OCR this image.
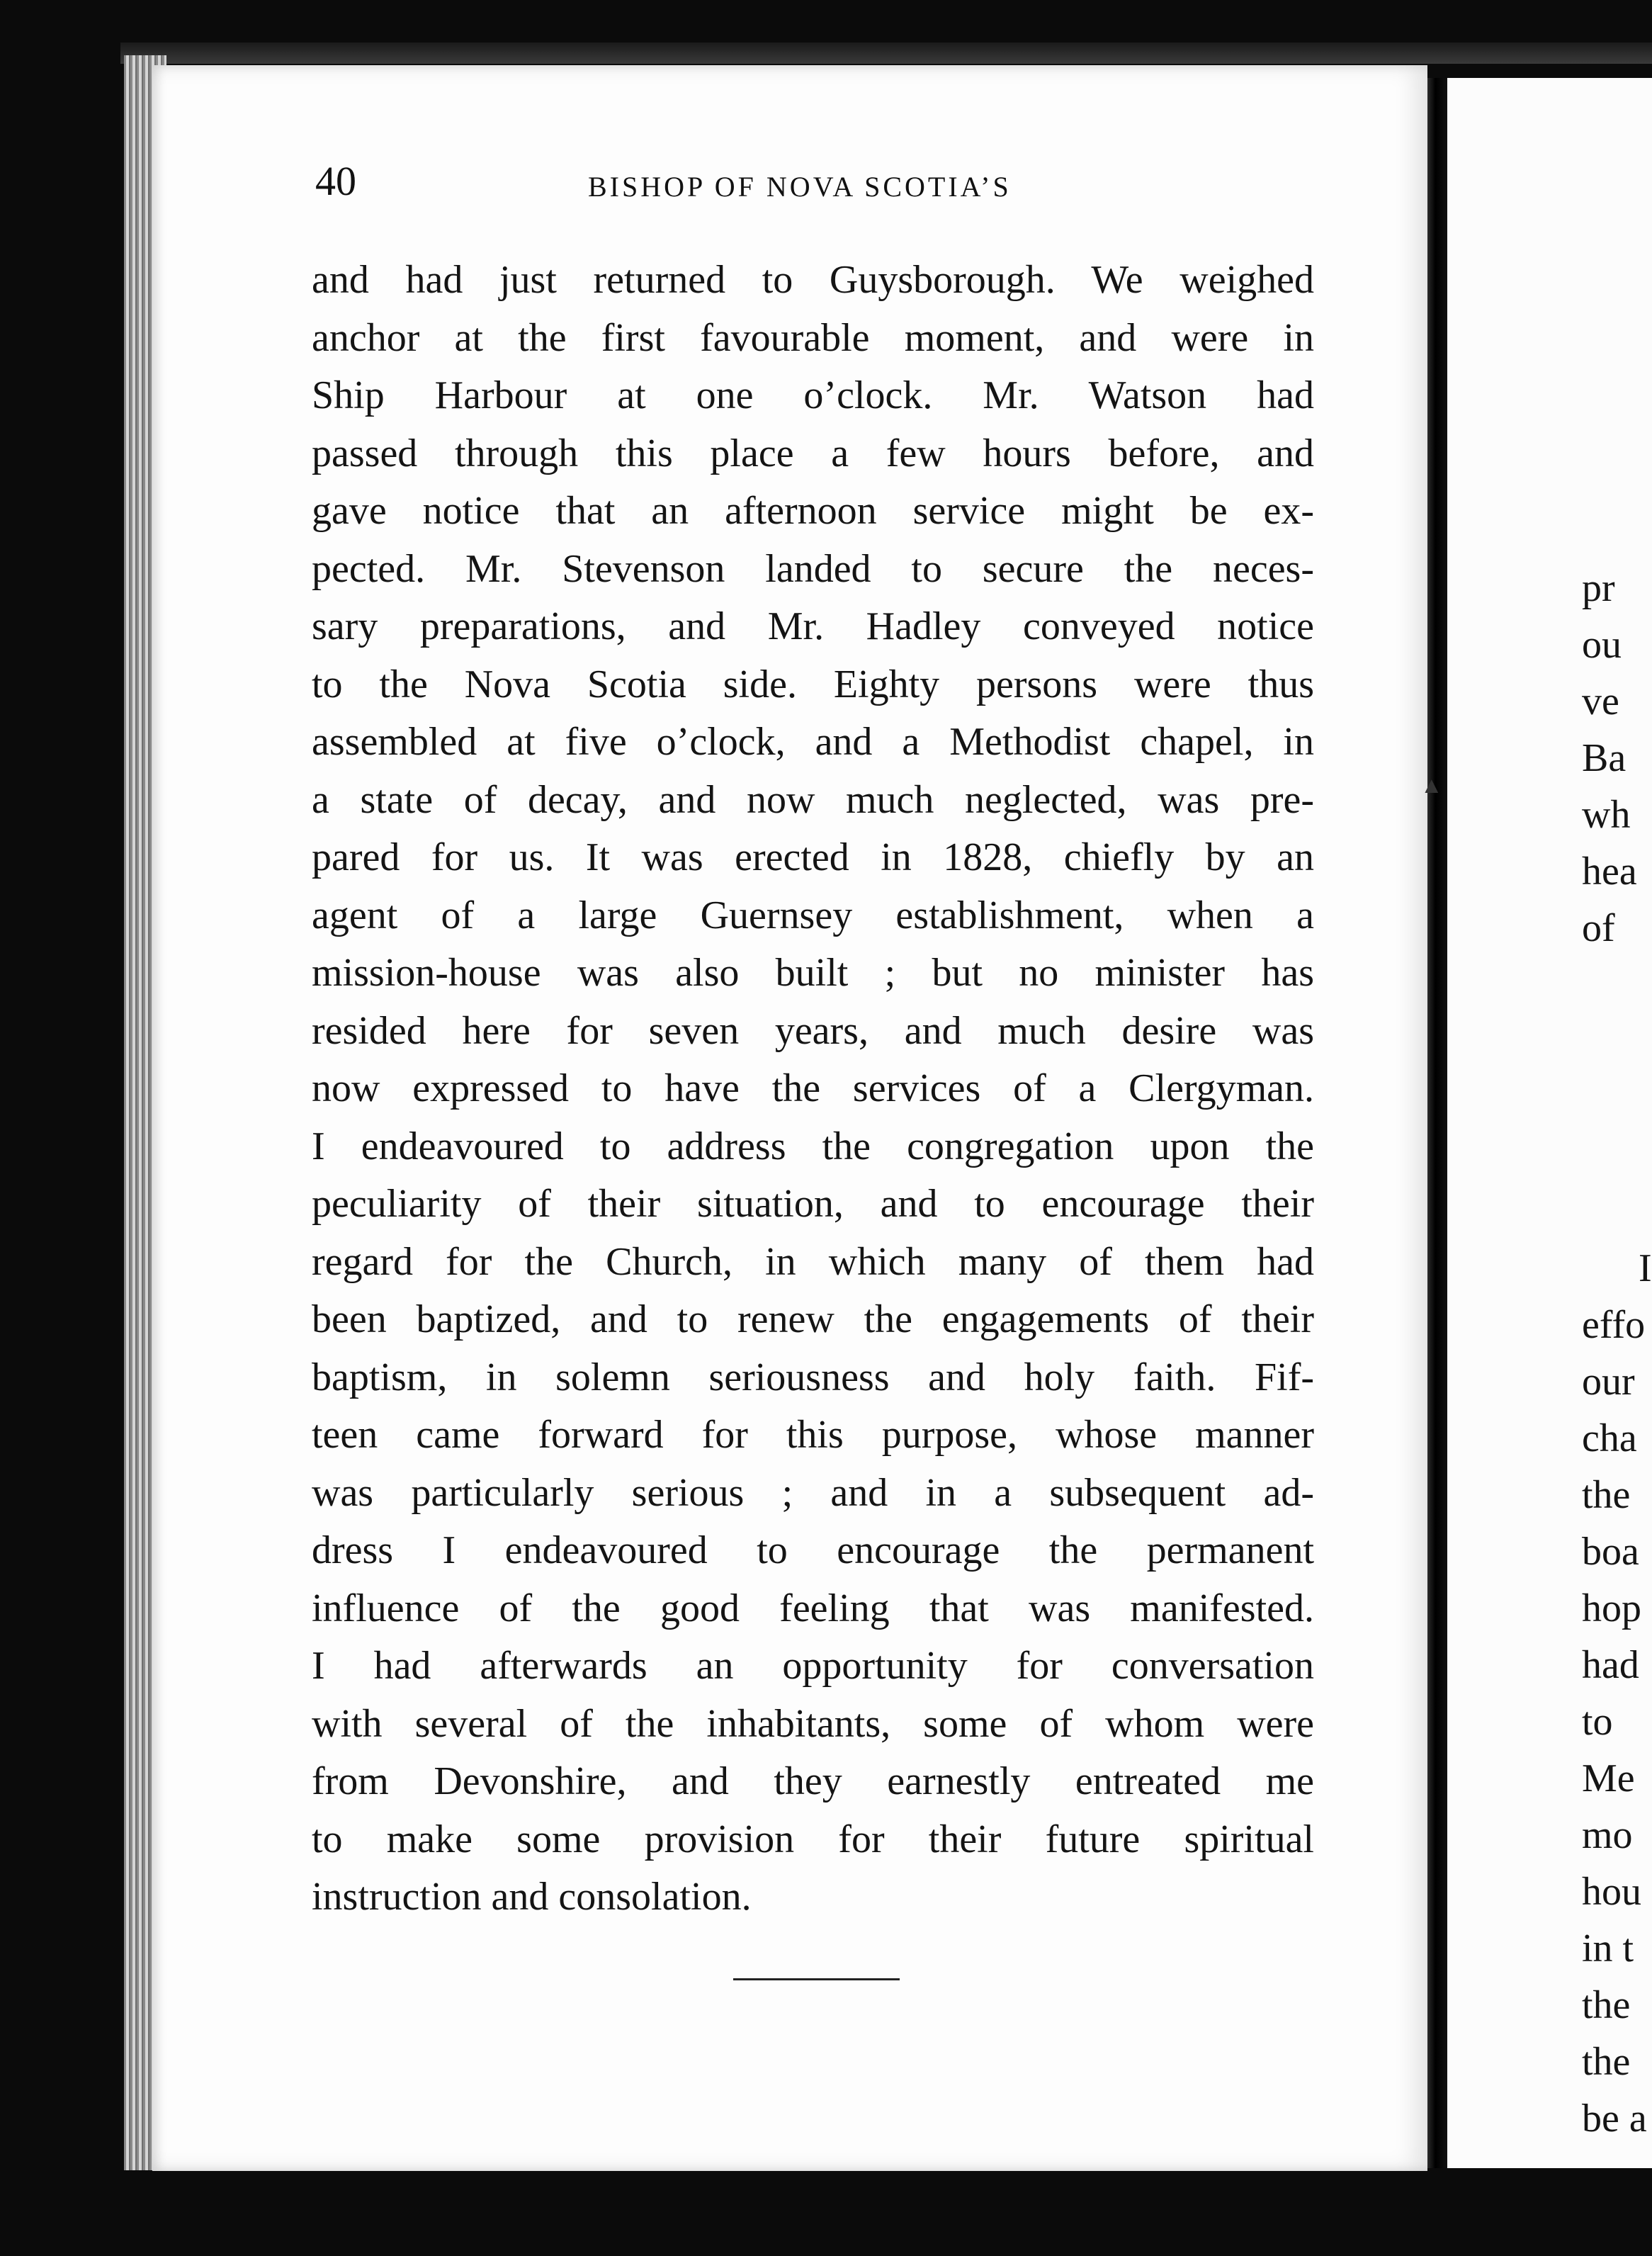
40	BISHOP OF NOVA SCOTIA’S
and had just returned to Guysborough. We weighed
anchor at the first favourable moment, and were in
Ship Harbour at one o’clock. Mr. Watson had
passed through this place a few hours before, and
gave notice that an afternoon service might be ex-
pected. Mr. Stevenson landed to secure the neces-
sary preparations, and Mr. Hadley conveyed notice
to the Nova Scotia side. Eighty persons were thus
assembled at five o’clock, and a Methodist chapel, in
a state of decay, and now much neglected, was pre-
pared for us. It was erected in 1828, chiefly by an
agent of a large Guernsey establishment, when a
mission-house was also built ; but no minister has
resided here for seven years, and much desire was
now expressed to have the services of a Clergyman.
I endeavoured to address the congregation upon the
peculiarity of their situation, and to encourage their
regard for the Church, in which many of them had
been baptized, and to renew the engagements of their
baptism, in solemn seriousness and holy faith. Fif-
teen came forward for this purpose, whose manner
was particularly serious ; and in a subsequent ad-
dress I endeavoured to encourage the permanent
influence of the good feeling that was manifested.
I had afterwards an opportunity for conversation
with several of the inhabitants, some of whom were
from Devonshire, and they earnestly entreated me
to make some provision for their future spiritual
instruction and consolation.
pr
ou
ve
Ba
wh
hea
of
I
effo
our
cha
the
boa
hop
had
to
Me
mo
hou
in t
the
the
be a
▲
